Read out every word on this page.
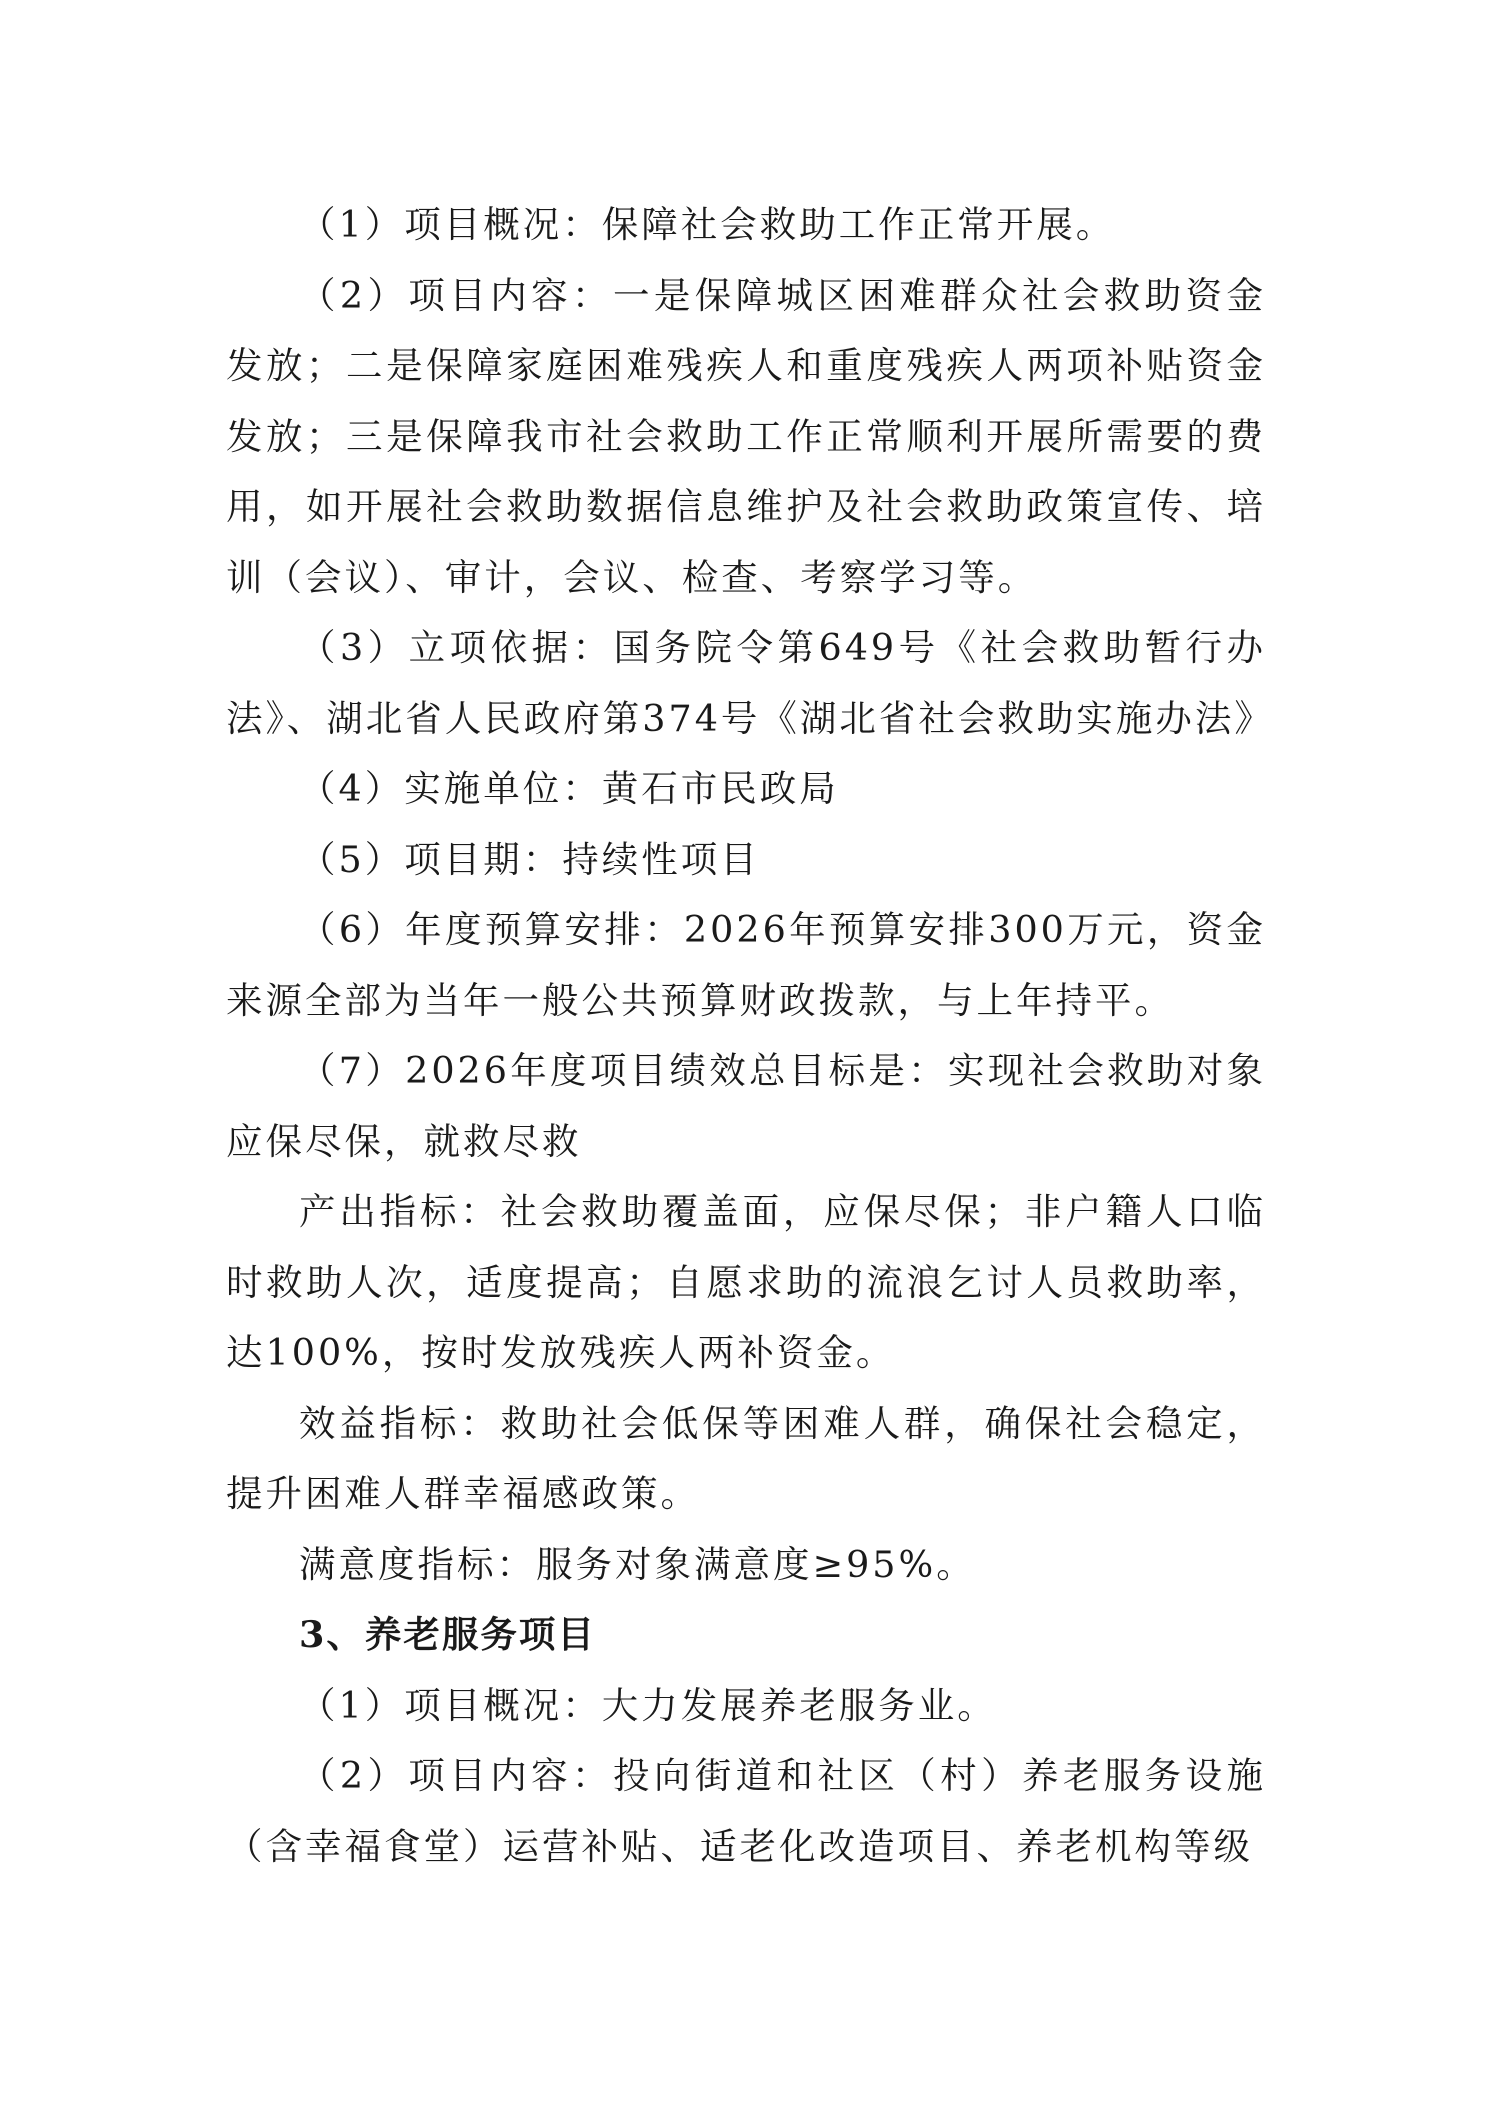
（1）项目概况：保障社会救助工作正常开展。

（2）项目内容：一是保障城区困难群众社会救助资金发放；二是保障家庭困难残疾人和重度残疾人两项补贴资金发放；三是保障我市社会救助工作正常顺利开展所需要的费用，如开展社会救助数据信息维护及社会救助政策宣传、培训（会议）、审计，会议、检查、考察学习等。

（3）立项依据：国务院令第649号《社会救助暂行办法》、湖北省人民政府第374号《湖北省社会救助实施办法》

（4）实施单位：黄石市民政局

（5）项目期：持续性项目

（6）年度预算安排：2026年预算安排300万元，资金来源全部为当年一般公共预算财政拨款，与上年持平。

（7）2026年度项目绩效总目标是：实现社会救助对象应保尽保，就救尽救

产出指标：社会救助覆盖面，应保尽保；非户籍人口临时救助人次，适度提高；自愿求助的流浪乞讨人员救助率，达100%，按时发放残疾人两补资金。

效益指标：救助社会低保等困难人群，确保社会稳定，提升困难人群幸福感政策。

满意度指标：服务对象满意度≥95%。

3、养老服务项目

（1）项目概况：大力发展养老服务业。

（2）项目内容：投向街道和社区（村）养老服务设施（含幸福食堂）运营补贴、适老化改造项目、养老机构等级
